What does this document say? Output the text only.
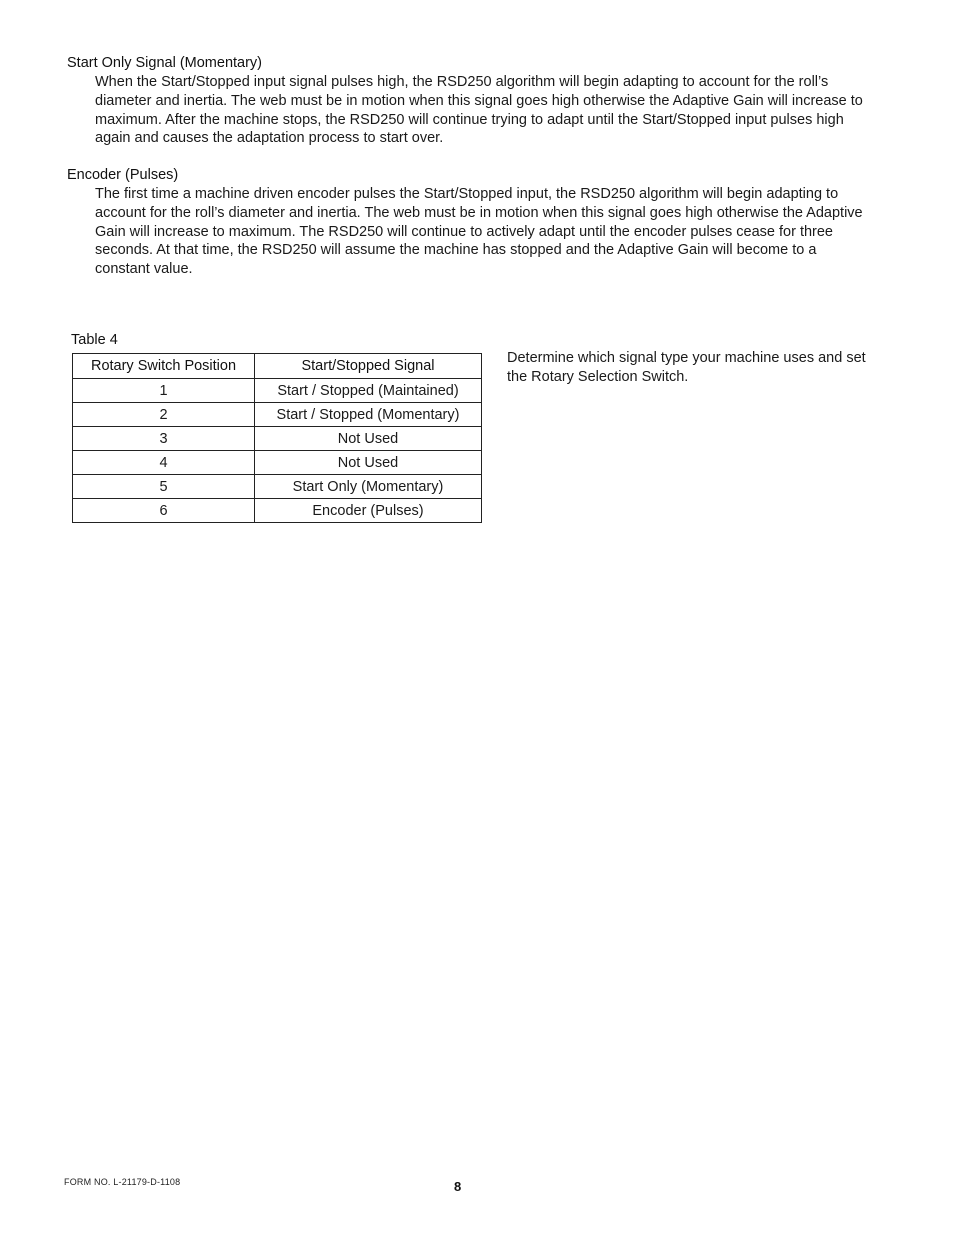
Start Only Signal (Momentary)

When the Start/Stopped input signal pulses high, the RSD250 algorithm will begin adapting to account for the roll’s diameter and inertia. The web must be in motion when this signal goes high otherwise the Adaptive Gain will increase to maximum. After the machine stops, the RSD250 will continue trying to adapt until the Start/Stopped input pulses high again and causes the adaptation process to start over.

Encoder (Pulses)

The first time a machine driven encoder pulses the Start/Stopped input, the RSD250 algorithm will begin adapting to account for the roll’s diameter and inertia. The web must be in motion when this signal goes high otherwise the Adaptive Gain will increase to maximum. The RSD250 will continue to actively adapt until the encoder pulses cease for three seconds. At that time, the RSD250 will assume the machine has stopped and the Adaptive Gain will become to a constant value.

Table 4
Rotary Switch Position	Start/Stopped Signal
1	Start / Stopped (Maintained)
2	Start / Stopped (Momentary)
3	Not Used
4	Not Used
5	Start Only (Momentary)
6	Encoder (Pulses)

Determine which signal type your machine uses and set the Rotary Selection Switch.

FORM NO. L-21179-D-1108	8
